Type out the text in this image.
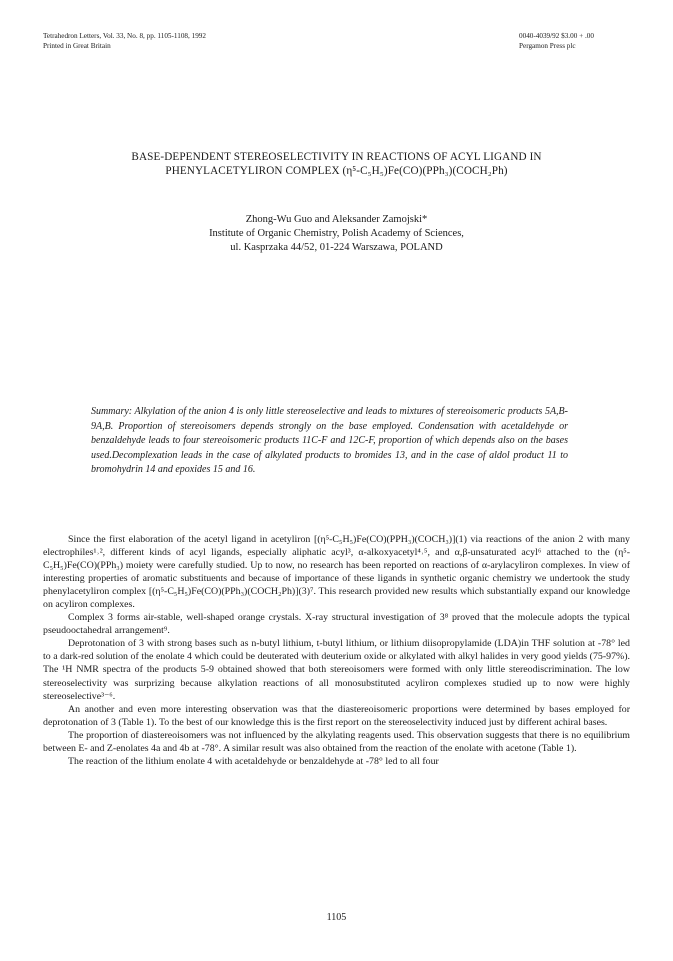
Tetrahedron Letters, Vol. 33, No. 8, pp. 1105-1108, 1992
Printed in Great Britain
0040-4039/92 $3.00 + .00
Pergamon Press plc
BASE-DEPENDENT STEREOSELECTIVITY IN REACTIONS OF ACYL LIGAND IN
PHENYLACETYLIRON COMPLEX (η⁵-C₅H₅)Fe(CO)(PPh₃)(COCH₂Ph)
Zhong-Wu Guo and Aleksander Zamojski*
Institute of Organic Chemistry, Polish Academy of Sciences,
ul. Kasprzaka 44/52, 01-224 Warszawa, POLAND
Summary: Alkylation of the anion 4 is only little stereoselective and leads to mixtures of stereoisomeric products 5A,B-9A,B. Proportion of stereoisomers depends strongly on the base employed. Condensation with acetaldehyde or benzaldehyde leads to four stereoisomeric products 11C-F and 12C-F, proportion of which depends also on the bases used.Decomplexation leads in the case of alkylated products to bromides 13, and in the case of aldol product 11 to bromohydrin 14 and epoxides 15 and 16.

Since the first elaboration of the acetyl ligand in acetyliron [(η⁵-C₅H₅)Fe(CO)(PPH₃)(COCH₃)](1) via reactions of the anion 2 with many electrophiles¹˒², different kinds of acyl ligands, especially aliphatic acyl³, α-alkoxyacetyl⁴˒⁵, and α,β-unsaturated acyl⁶ attached to the (η⁵-C₅H₅)Fe(CO)(PPh₃) moiety were carefully studied. Up to now, no research has been reported on reactions of α-arylacyliron complexes. In view of interesting properties of aromatic substituents and because of importance of these ligands in synthetic organic chemistry we undertook the study phenylacetyliron complex [(η⁵-C₅H₅)Fe(CO)(PPh₃)(COCH₂Ph)](3)⁷. This research provided new results which substantially expand our knowledge on acyliron complexes.

Complex 3 forms air-stable, well-shaped orange crystals. X-ray structural investigation of 3⁸ proved that the molecule adopts the typical pseudooctahedral arrangement⁹.

Deprotonation of 3 with strong bases such as n-butyl lithium, t-butyl lithium, or lithium diisopropylamide (LDA)in THF solution at -78° led to a dark-red solution of the enolate 4 which could be deuterated with deuterium oxide or alkylated with alkyl halides in very good yields (75-97%). The ¹H NMR spectra of the products 5-9 obtained showed that both stereoisomers were formed with only little stereodiscrimination. The low stereoselectivity was surprizing because alkylation reactions of all monosubstituted acyliron complexes studied up to now were highly stereoselective³⁻⁶.

An another and even more interesting observation was that the diastereoisomeric proportions were determined by bases employed for deprotonation of 3 (Table 1). To the best of our knowledge this is the first report on the stereoselectivity induced just by different achiral bases.

The proportion of diastereoisomers was not influenced by the alkylating reagents used. This observation suggests that there is no equilibrium between E- and Z-enolates 4a and 4b at -78°. A similar result was also obtained from the reaction of the enolate with acetone (Table 1).

The reaction of the lithium enolate 4 with acetaldehyde or benzaldehyde at -78° led to all four

1105
